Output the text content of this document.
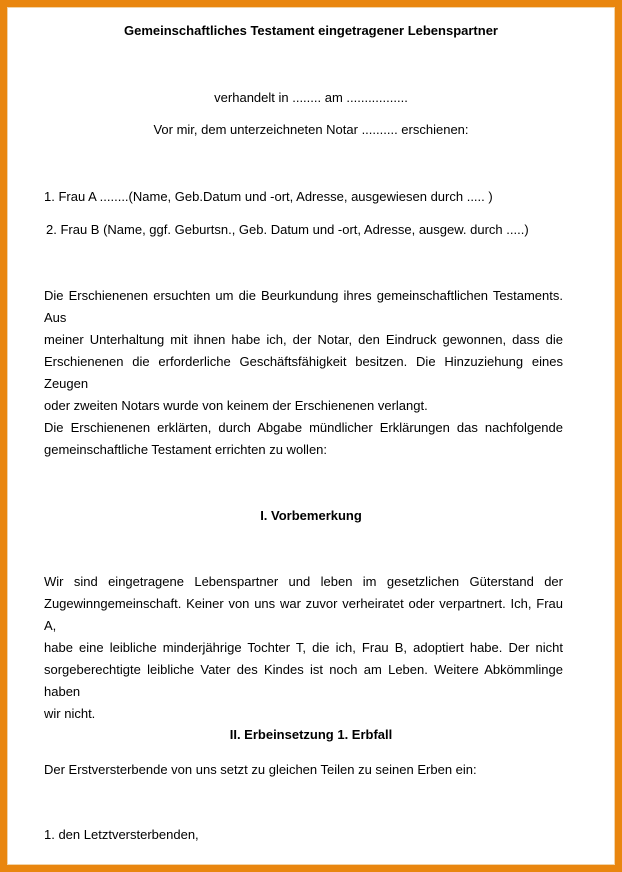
Gemeinschaftliches Testament eingetragener Lebenspartner
verhandelt in ........ am .................
Vor mir, dem unterzeichneten Notar .......... erschienen:
1. Frau A ........(Name, Geb.Datum und -ort, Adresse, ausgewiesen durch ..... )
2. Frau B (Name, ggf. Geburtsn., Geb. Datum und -ort, Adresse, ausgew. durch .....)
Die Erschienenen ersuchten um die Beurkundung ihres gemeinschaftlichen Testaments. Aus
meiner Unterhaltung mit ihnen habe ich, der Notar, den Eindruck gewonnen, dass die
Erschienenen die erforderliche Geschäftsfähigkeit besitzen. Die Hinzuziehung eines Zeugen
oder zweiten Notars wurde von keinem der Erschienenen verlangt.
Die Erschienenen erklärten, durch Abgabe mündlicher Erklärungen das nachfolgende
gemeinschaftliche Testament errichten zu wollen:
I. Vorbemerkung
Wir sind eingetragene Lebenspartner und leben im gesetzlichen Güterstand der
Zugewinngemeinschaft. Keiner von uns war zuvor verheiratet oder verpartnert. Ich, Frau A,
habe eine leibliche minderjährige Tochter T, die ich, Frau B, adoptiert habe. Der nicht
sorgeberechtigte leibliche Vater des Kindes ist noch am Leben. Weitere Abkömmlinge haben
wir nicht.
II. Erbeinsetzung 1. Erbfall
Der Erstversterbende von uns setzt zu gleichen Teilen zu seinen Erben ein:
1. den Letztversterbenden,
